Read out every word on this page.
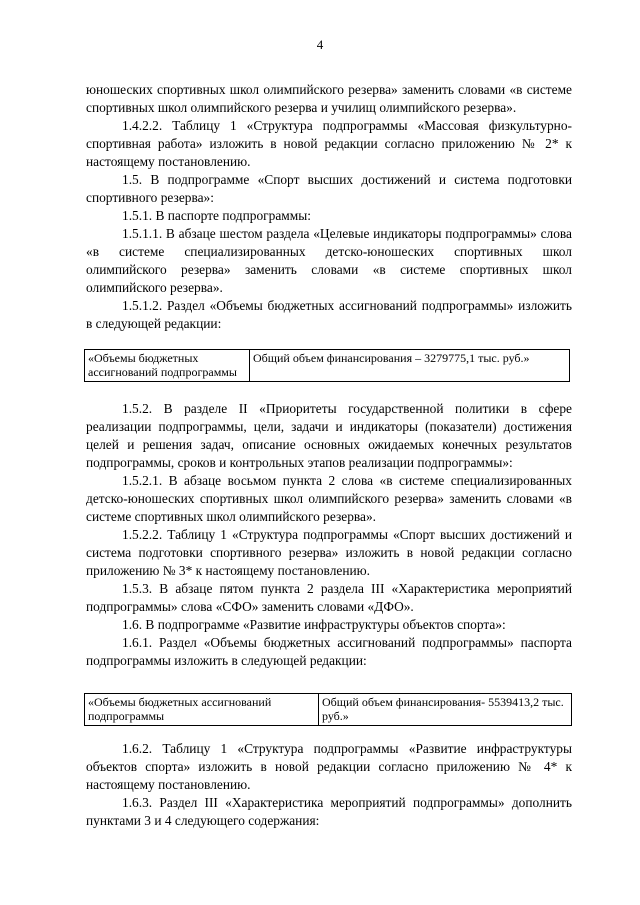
4

юношеских спортивных школ олимпийского резерва» заменить словами «в системе спортивных школ олимпийского резерва и училищ олимпийского резерва».

1.4.2.2. Таблицу 1 «Структура подпрограммы «Массовая физкультурно-спортивная работа» изложить в новой редакции согласно приложению № 2* к настоящему постановлению.

1.5. В подпрограмме «Спорт высших достижений и система подготовки спортивного резерва»:

1.5.1. В паспорте подпрограммы:

1.5.1.1. В абзаце шестом раздела «Целевые индикаторы подпрограммы» слова «в системе специализированных детско-юношеских спортивных школ олимпийского резерва» заменить словами «в системе спортивных школ олимпийского резерва».

1.5.1.2. Раздел «Объемы бюджетных ассигнований подпрограммы» изложить в следующей редакции:

«Объемы бюджетных ассигнований подпрограммы	Общий объем финансирования – 3279775,1 тыс. руб.»

1.5.2. В разделе II «Приоритеты государственной политики в сфере реализации подпрограммы, цели, задачи и индикаторы (показатели) достижения целей и решения задач, описание основных ожидаемых конечных результатов подпрограммы, сроков и контрольных этапов реализации подпрограммы»:

1.5.2.1. В абзаце восьмом пункта 2 слова «в системе специализированных детско-юношеских спортивных школ олимпийского резерва» заменить словами «в системе спортивных школ олимпийского резерва».

1.5.2.2. Таблицу 1 «Структура подпрограммы «Спорт высших достижений и система подготовки спортивного резерва» изложить в новой редакции согласно приложению № 3* к настоящему постановлению.

1.5.3. В абзаце пятом пункта 2 раздела III «Характеристика мероприятий подпрограммы» слова «СФО» заменить словами «ДФО».

1.6. В подпрограмме «Развитие инфраструктуры объектов спорта»:

1.6.1. Раздел «Объемы бюджетных ассигнований подпрограммы» паспорта подпрограммы изложить в следующей редакции:

«Объемы бюджетных ассигнований подпрограммы	Общий объем финансирования- 5539413,2 тыс. руб.»

1.6.2. Таблицу 1 «Структура подпрограммы «Развитие инфраструктуры объектов спорта» изложить в новой редакции согласно приложению № 4* к настоящему постановлению.

1.6.3. Раздел III «Характеристика мероприятий подпрограммы» дополнить пунктами 3 и 4 следующего содержания:
